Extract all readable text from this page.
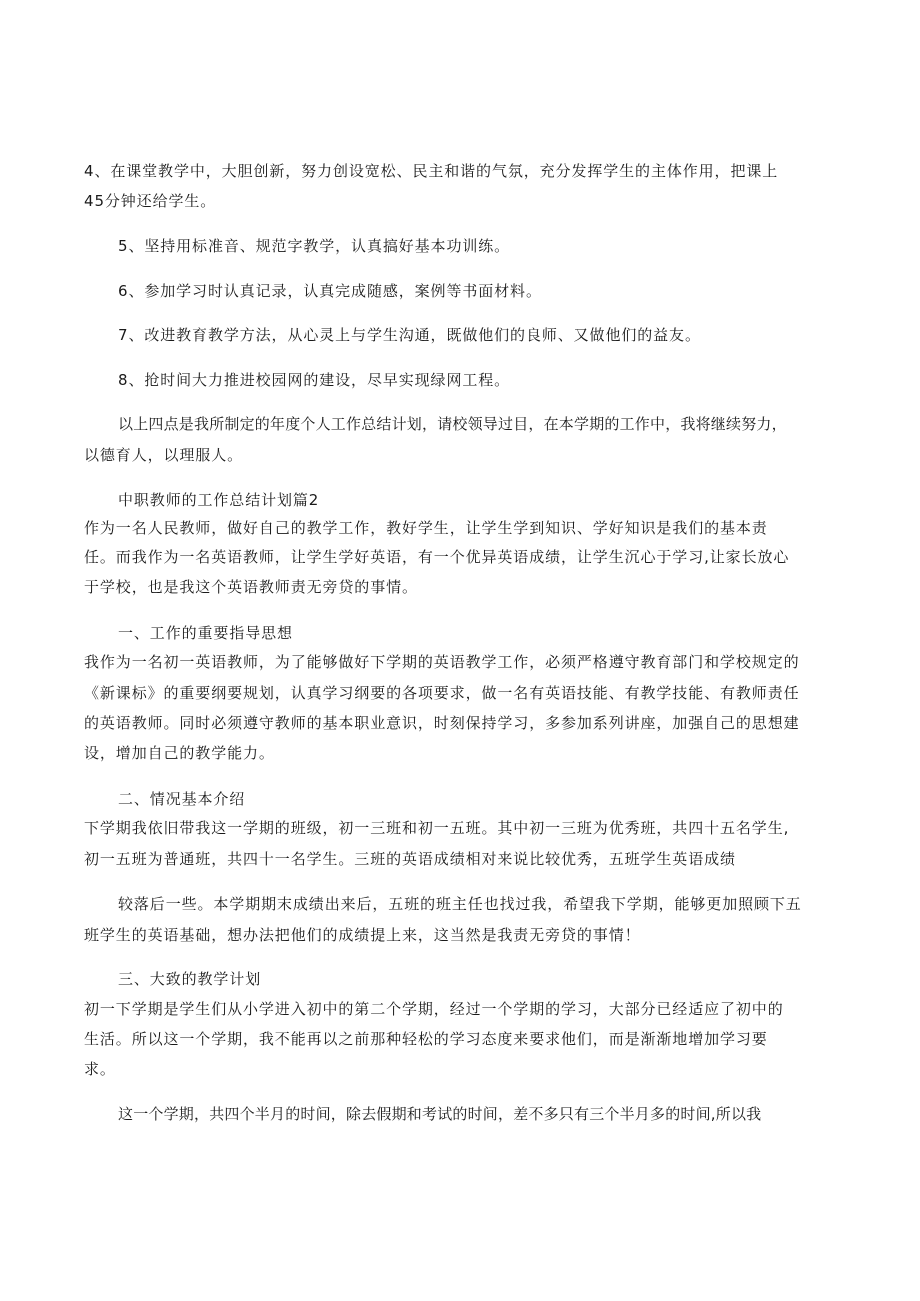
4、在课堂教学中，大胆创新，努力创设宽松、民主和谐的气氛，充分发挥学生的主体作用，把课上
45分钟还给学生。
5、坚持用标准音、规范字教学，认真搞好基本功训练。
6、参加学习时认真记录，认真完成随感，案例等书面材料。
7、改进教育教学方法，从心灵上与学生沟通，既做他们的良师、又做他们的益友。
8、抢时间大力推进校园网的建设，尽早实现绿网工程。
以上四点是我所制定的年度个人工作总结计划，请校领导过目，在本学期的工作中，我将继续努力，
以德育人，以理服人。
中职教师的工作总结计划篇2
作为一名人民教师，做好自己的教学工作，教好学生，让学生学到知识、学好知识是我们的基本责
任。而我作为一名英语教师，让学生学好英语，有一个优异英语成绩，让学生沉心于学习,让家长放心
于学校，也是我这个英语教师责无旁贷的事情。
一、工作的重要指导思想
我作为一名初一英语教师，为了能够做好下学期的英语教学工作，必须严格遵守教育部门和学校规定的
《新课标》的重要纲要规划，认真学习纲要的各项要求，做一名有英语技能、有教学技能、有教师责任
的英语教师。同时必须遵守教师的基本职业意识，时刻保持学习，多参加系列讲座，加强自己的思想建
设，增加自己的教学能力。
二、情况基本介绍
下学期我依旧带我这一学期的班级，初一三班和初一五班。其中初一三班为优秀班，共四十五名学生,
初一五班为普通班，共四十一名学生。三班的英语成绩相对来说比较优秀，五班学生英语成绩
较落后一些。本学期期末成绩出来后，五班的班主任也找过我，希望我下学期，能够更加照顾下五
班学生的英语基础，想办法把他们的成绩提上来，这当然是我责无旁贷的事情！
三、大致的教学计划
初一下学期是学生们从小学进入初中的第二个学期，经过一个学期的学习，大部分已经适应了初中的
生活。所以这一个学期，我不能再以之前那种轻松的学习态度来要求他们，而是渐渐地增加学习要
求。
这一个学期，共四个半月的时间，除去假期和考试的时间，差不多只有三个半月多的时间,所以我
